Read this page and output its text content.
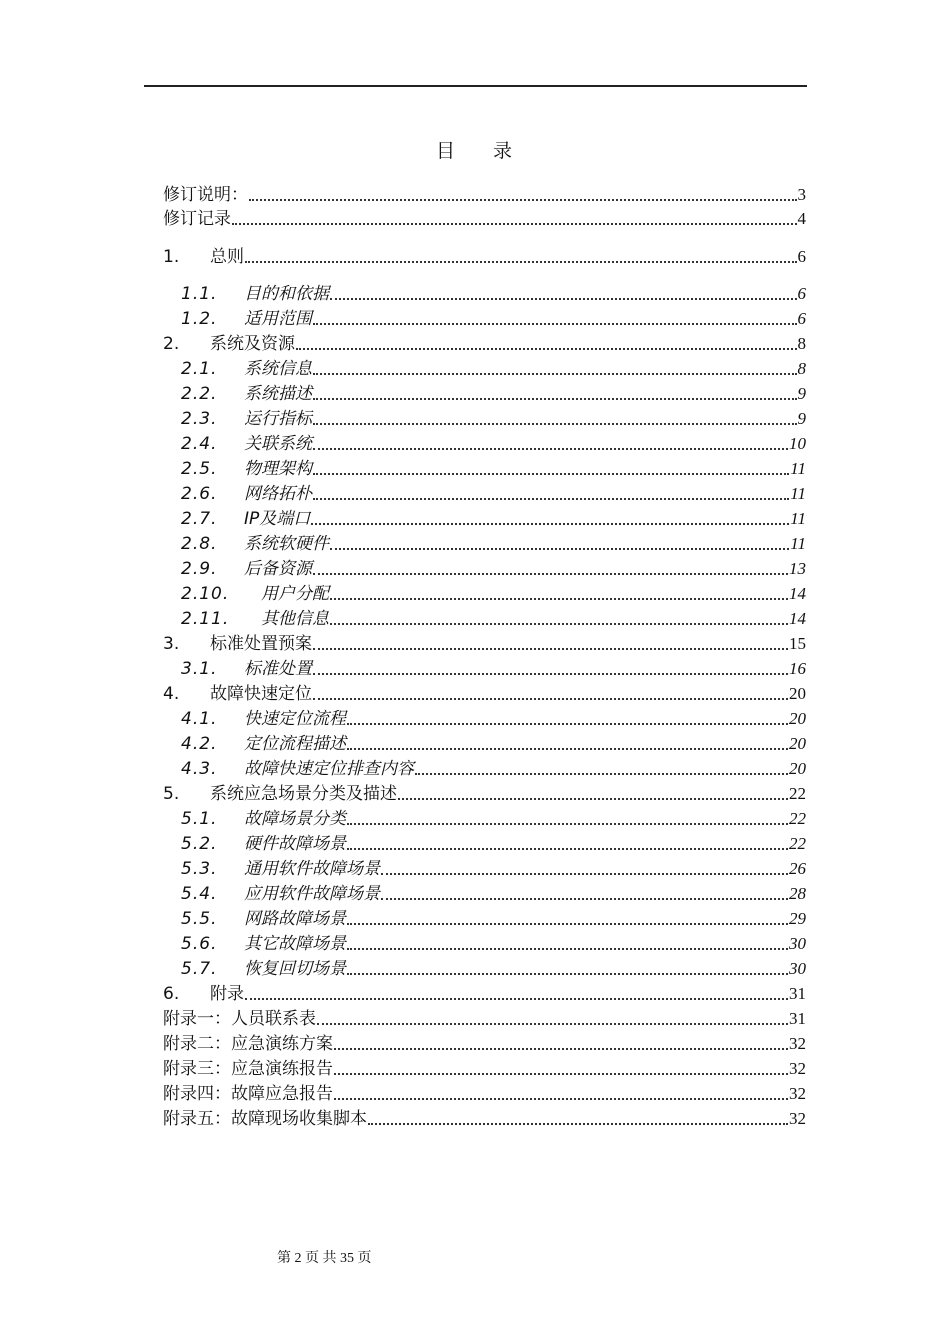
目 录
修订说明：	3
修订记录	4
1.	总则	6
1.1.	目的和依据	6
1.2.	适用范围	6
2.	系统及资源	8
2.1.	系统信息	8
2.2.	系统描述	9
2.3.	运行指标	9
2.4.	关联系统	10
2.5.	物理架构	11
2.6.	网络拓朴	11
2.7.	IP及端口	11
2.8.	系统软硬件	11
2.9.	后备资源	13
2.10.	用户分配	14
2.11.	其他信息	14
3.	标准处置预案	15
3.1.	标准处置	16
4.	故障快速定位	20
4.1.	快速定位流程	20
4.2.	定位流程描述	20
4.3.	故障快速定位排查内容	20
5.	系统应急场景分类及描述	22
5.1.	故障场景分类	22
5.2.	硬件故障场景	22
5.3.	通用软件故障场景	26
5.4.	应用软件故障场景	28
5.5.	网路故障场景	29
5.6.	其它故障场景	30
5.7.	恢复回切场景	30
6.	附录	31
附录一：人员联系表	31
附录二：应急演练方案	32
附录三：应急演练报告	32
附录四：故障应急报告	32
附录五：故障现场收集脚本	32
第 2 页 共 35 页
